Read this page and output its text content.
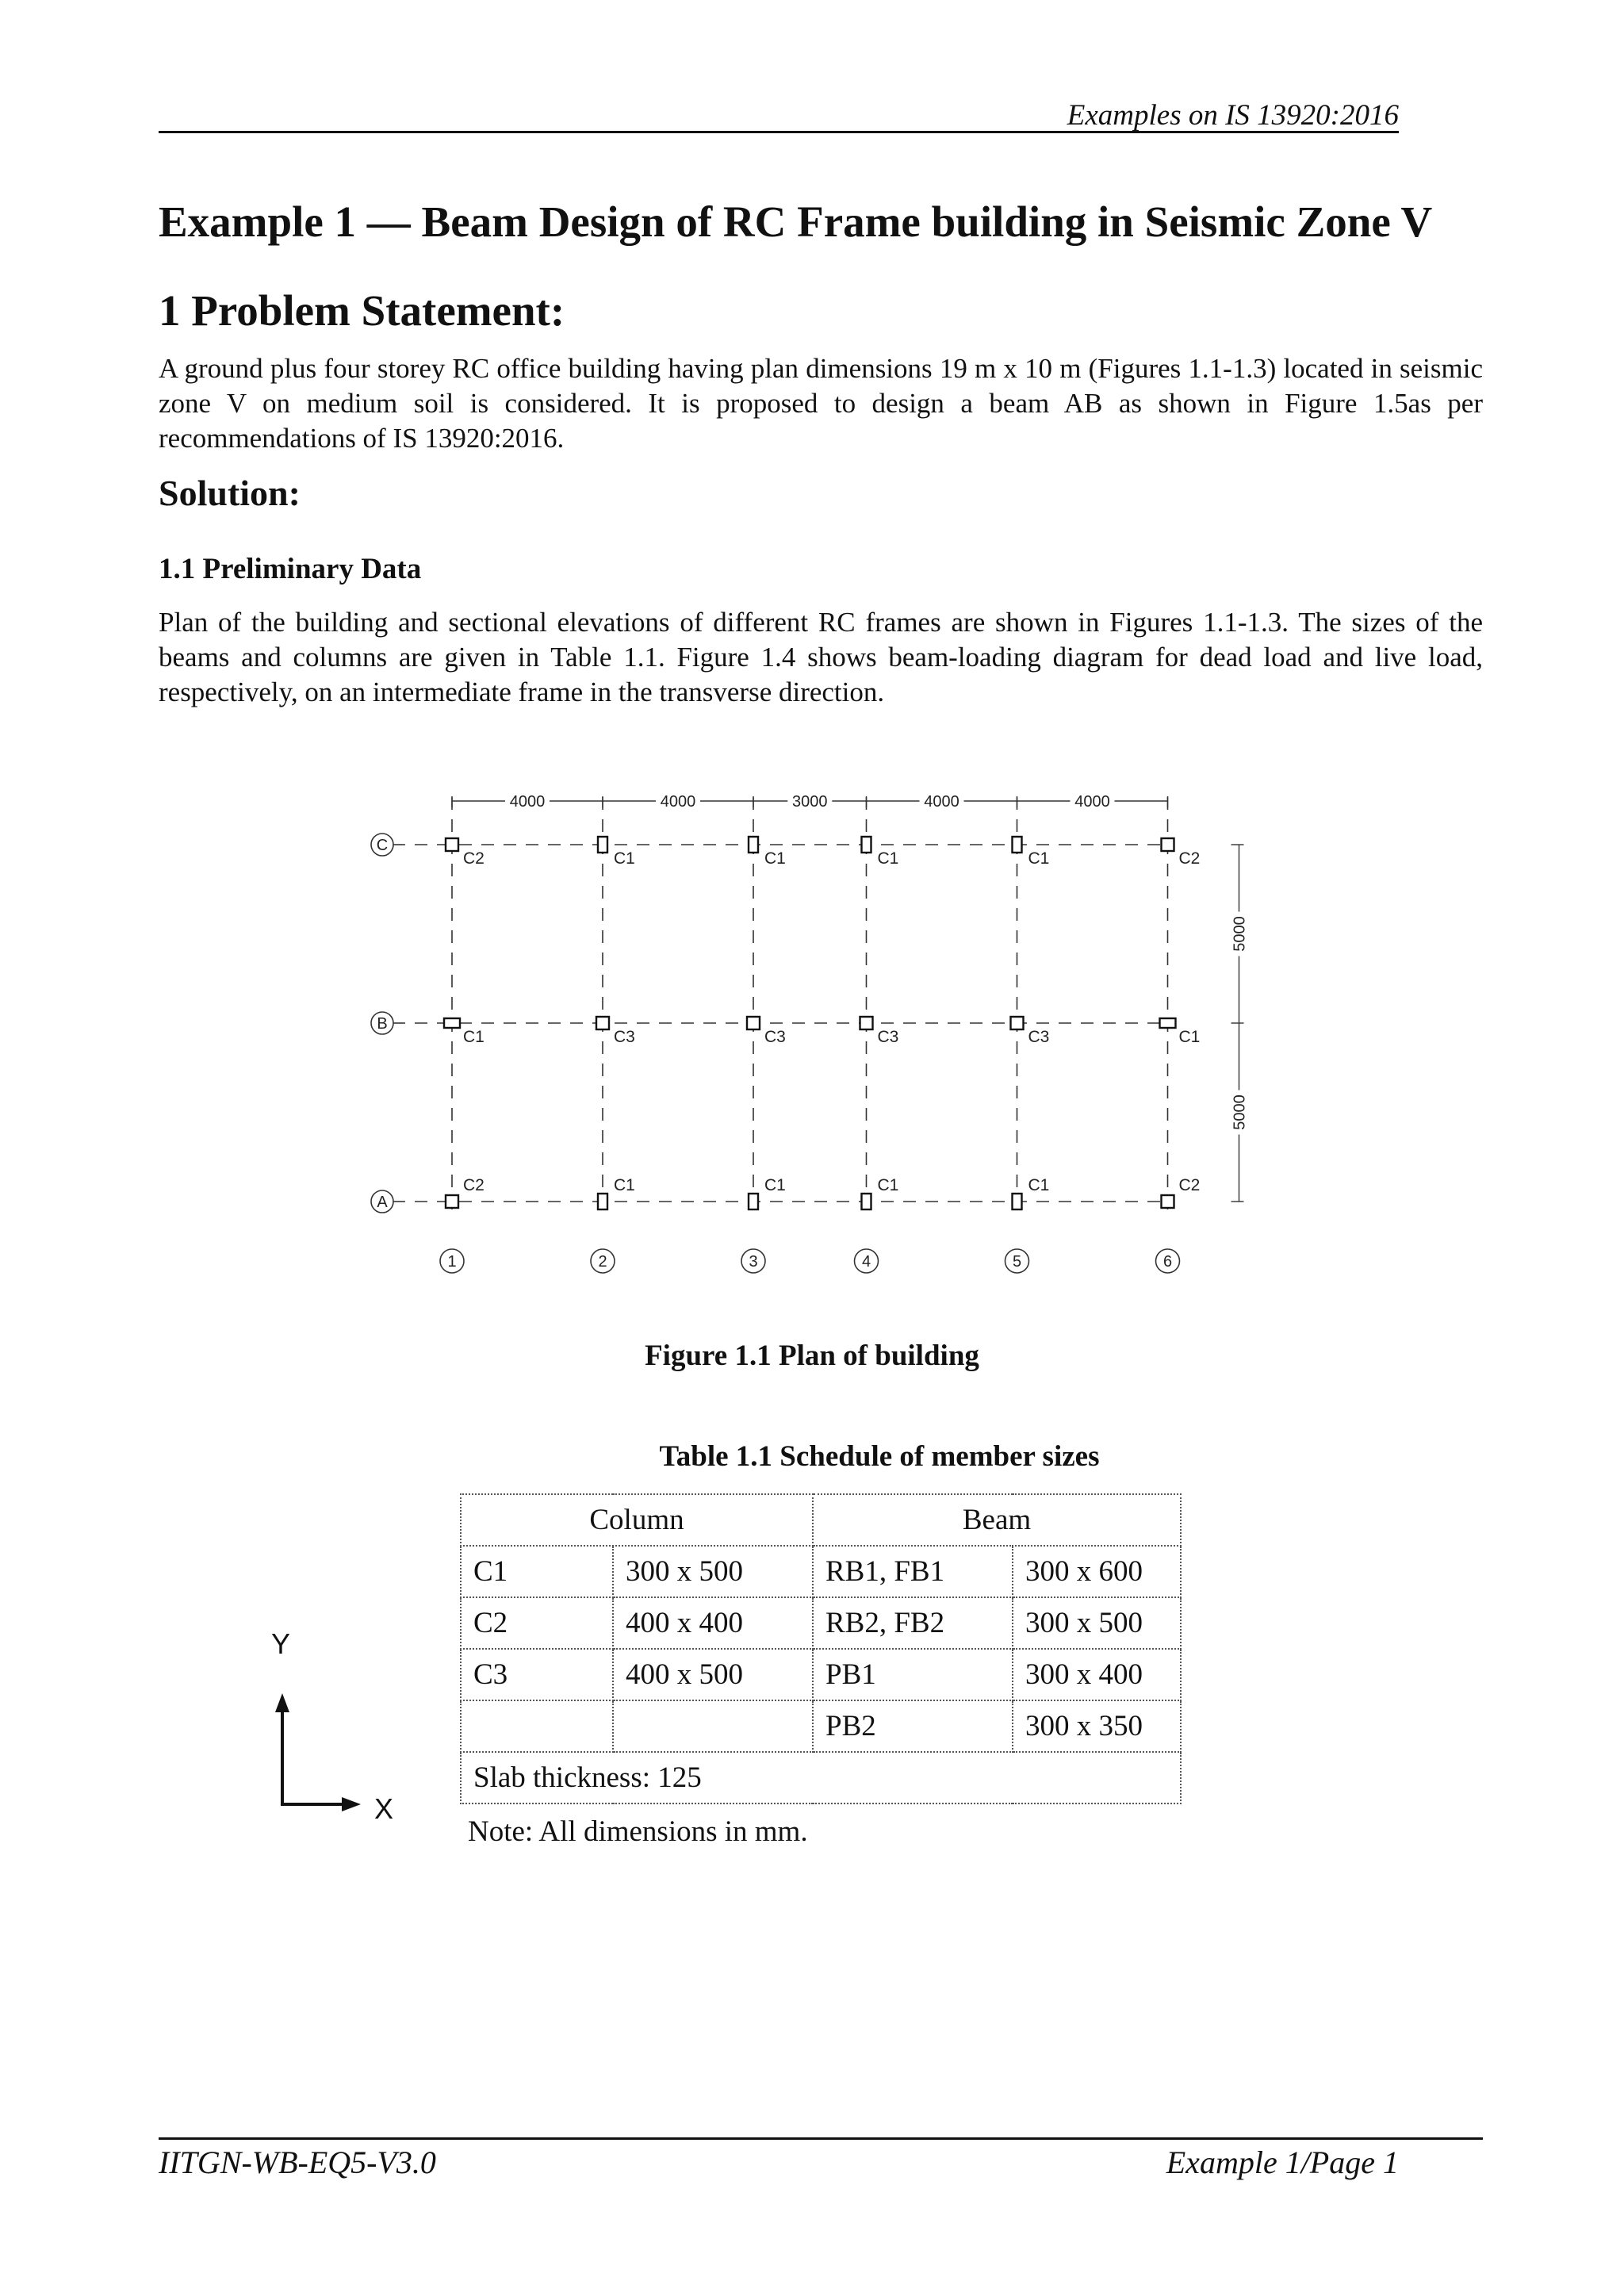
Examples on IS 13920:2016
Example 1 — Beam Design of RC Frame building in Seismic Zone V
1 Problem Statement:
A ground plus four storey RC office building having plan dimensions 19 m x 10 m (Figures 1.1-1.3) located in seismic zone V on medium soil is considered. It is proposed to design a beam AB as shown in Figure 1.5as per recommendations of IS 13920:2016.
Solution:
1.1 Preliminary Data
Plan of the building and sectional elevations of different RC frames are shown in Figures 1.1-1.3. The sizes of the beams and columns are given in Table 1.1. Figure 1.4 shows beam-loading diagram for dead load and live load, respectively, on an intermediate frame in the transverse direction.
4000	4000	3000	4000	4000
5000
5000
C2	C1	C1	C1	C1	C2
C1	C3	C3	C3	C3	C1
C2	C1	C1	C1	C1	C2
C
B
A
1	2	3	4	5	6
Figure 1.1 Plan of building
Table 1.1 Schedule of member sizes
Column		Beam	
C1	300 x 500	RB1, FB1	300 x 600
C2	400 x 400	RB2, FB2	300 x 500
C3	400 x 500	PB1	300 x 400
		PB2	300 x 350
Slab thickness: 125			
Note: All dimensions in mm.
Y
X
IITGN-WB-EQ5-V3.0	Example 1/Page 1
